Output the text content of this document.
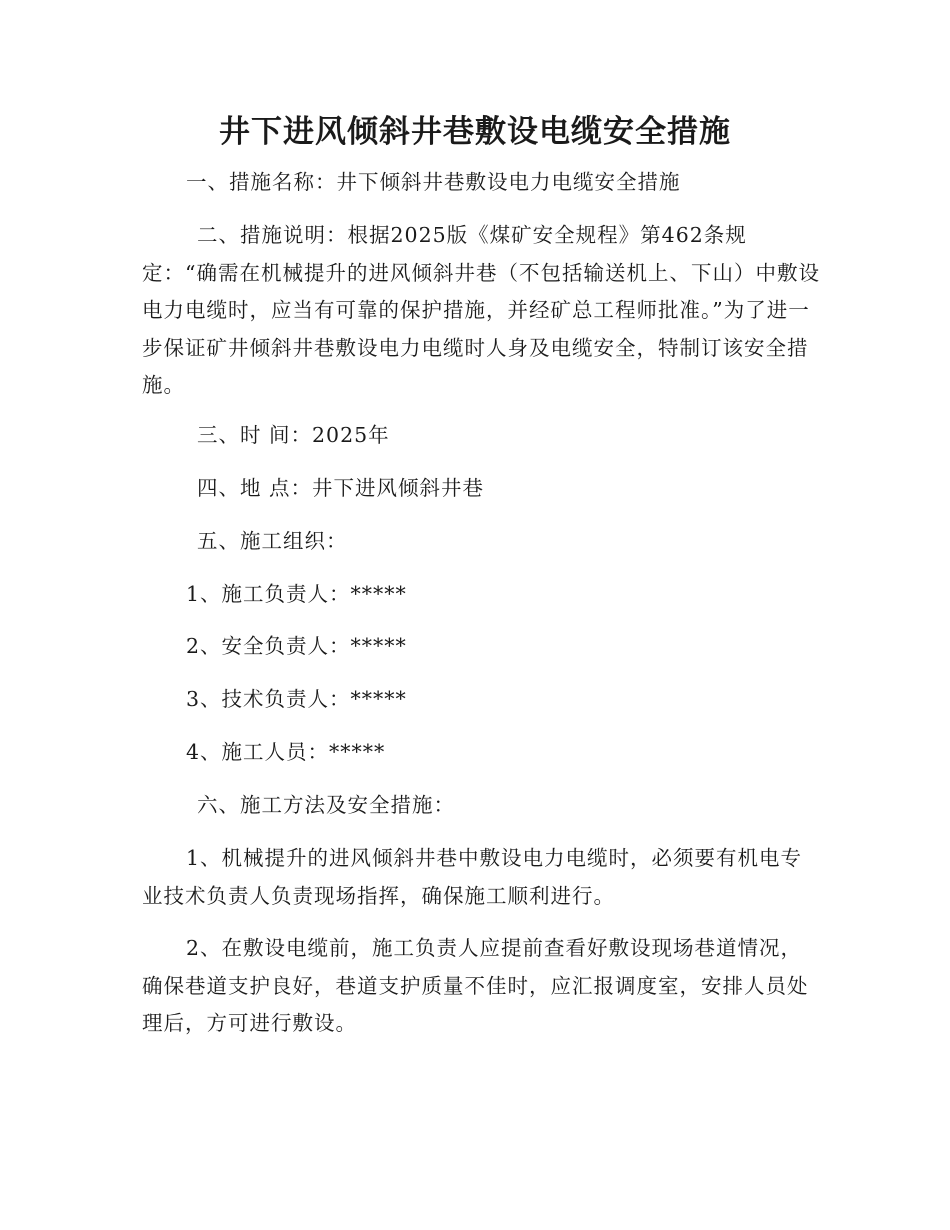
井下进风倾斜井巷敷设电缆安全措施

一、措施名称：井下倾斜井巷敷设电力电缆安全措施

二、措施说明：根据2025版《煤矿安全规程》第462条规定：“确需在机械提升的进风倾斜井巷（不包括输送机上、下山）中敷设电力电缆时，应当有可靠的保护措施，并经矿总工程师批准。”为了进一步保证矿井倾斜井巷敷设电力电缆时人身及电缆安全，特制订该安全措施。

三、时 间：2025年

四、地 点：井下进风倾斜井巷

五、施工组织：

1、施工负责人：*****

2、安全负责人：*****

3、技术负责人：*****

4、施工人员：*****

六、施工方法及安全措施：

1、机械提升的进风倾斜井巷中敷设电力电缆时，必须要有机电专业技术负责人负责现场指挥，确保施工顺利进行。

2、在敷设电缆前，施工负责人应提前查看好敷设现场巷道情况，确保巷道支护良好，巷道支护质量不佳时，应汇报调度室，安排人员处理后，方可进行敷设。
